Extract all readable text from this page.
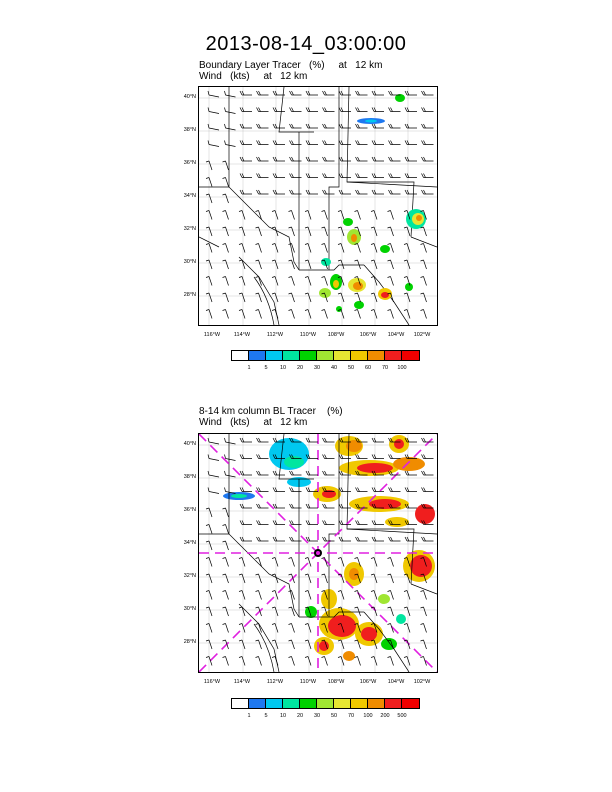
2013-08-14_03:00:00
Boundary Layer Tracer   (%)     at   12 km
Wind   (kts)     at   12 km
40°N
38°N
36°N
34°N
32°N
30°N
28°N
116°W	114°W	112°W	110°W	108°W	106°W	104°W	102°W
1	5	10	20	30	40	50	60	70	100
8-14 km column BL Tracer    (%)
Wind   (kts)     at   12 km
40°N
38°N
36°N
34°N
32°N
30°N
28°N
116°W	114°W	112°W	110°W	108°W	106°W	104°W	102°W
1	5	10	20	30	50	70	100	200	500
